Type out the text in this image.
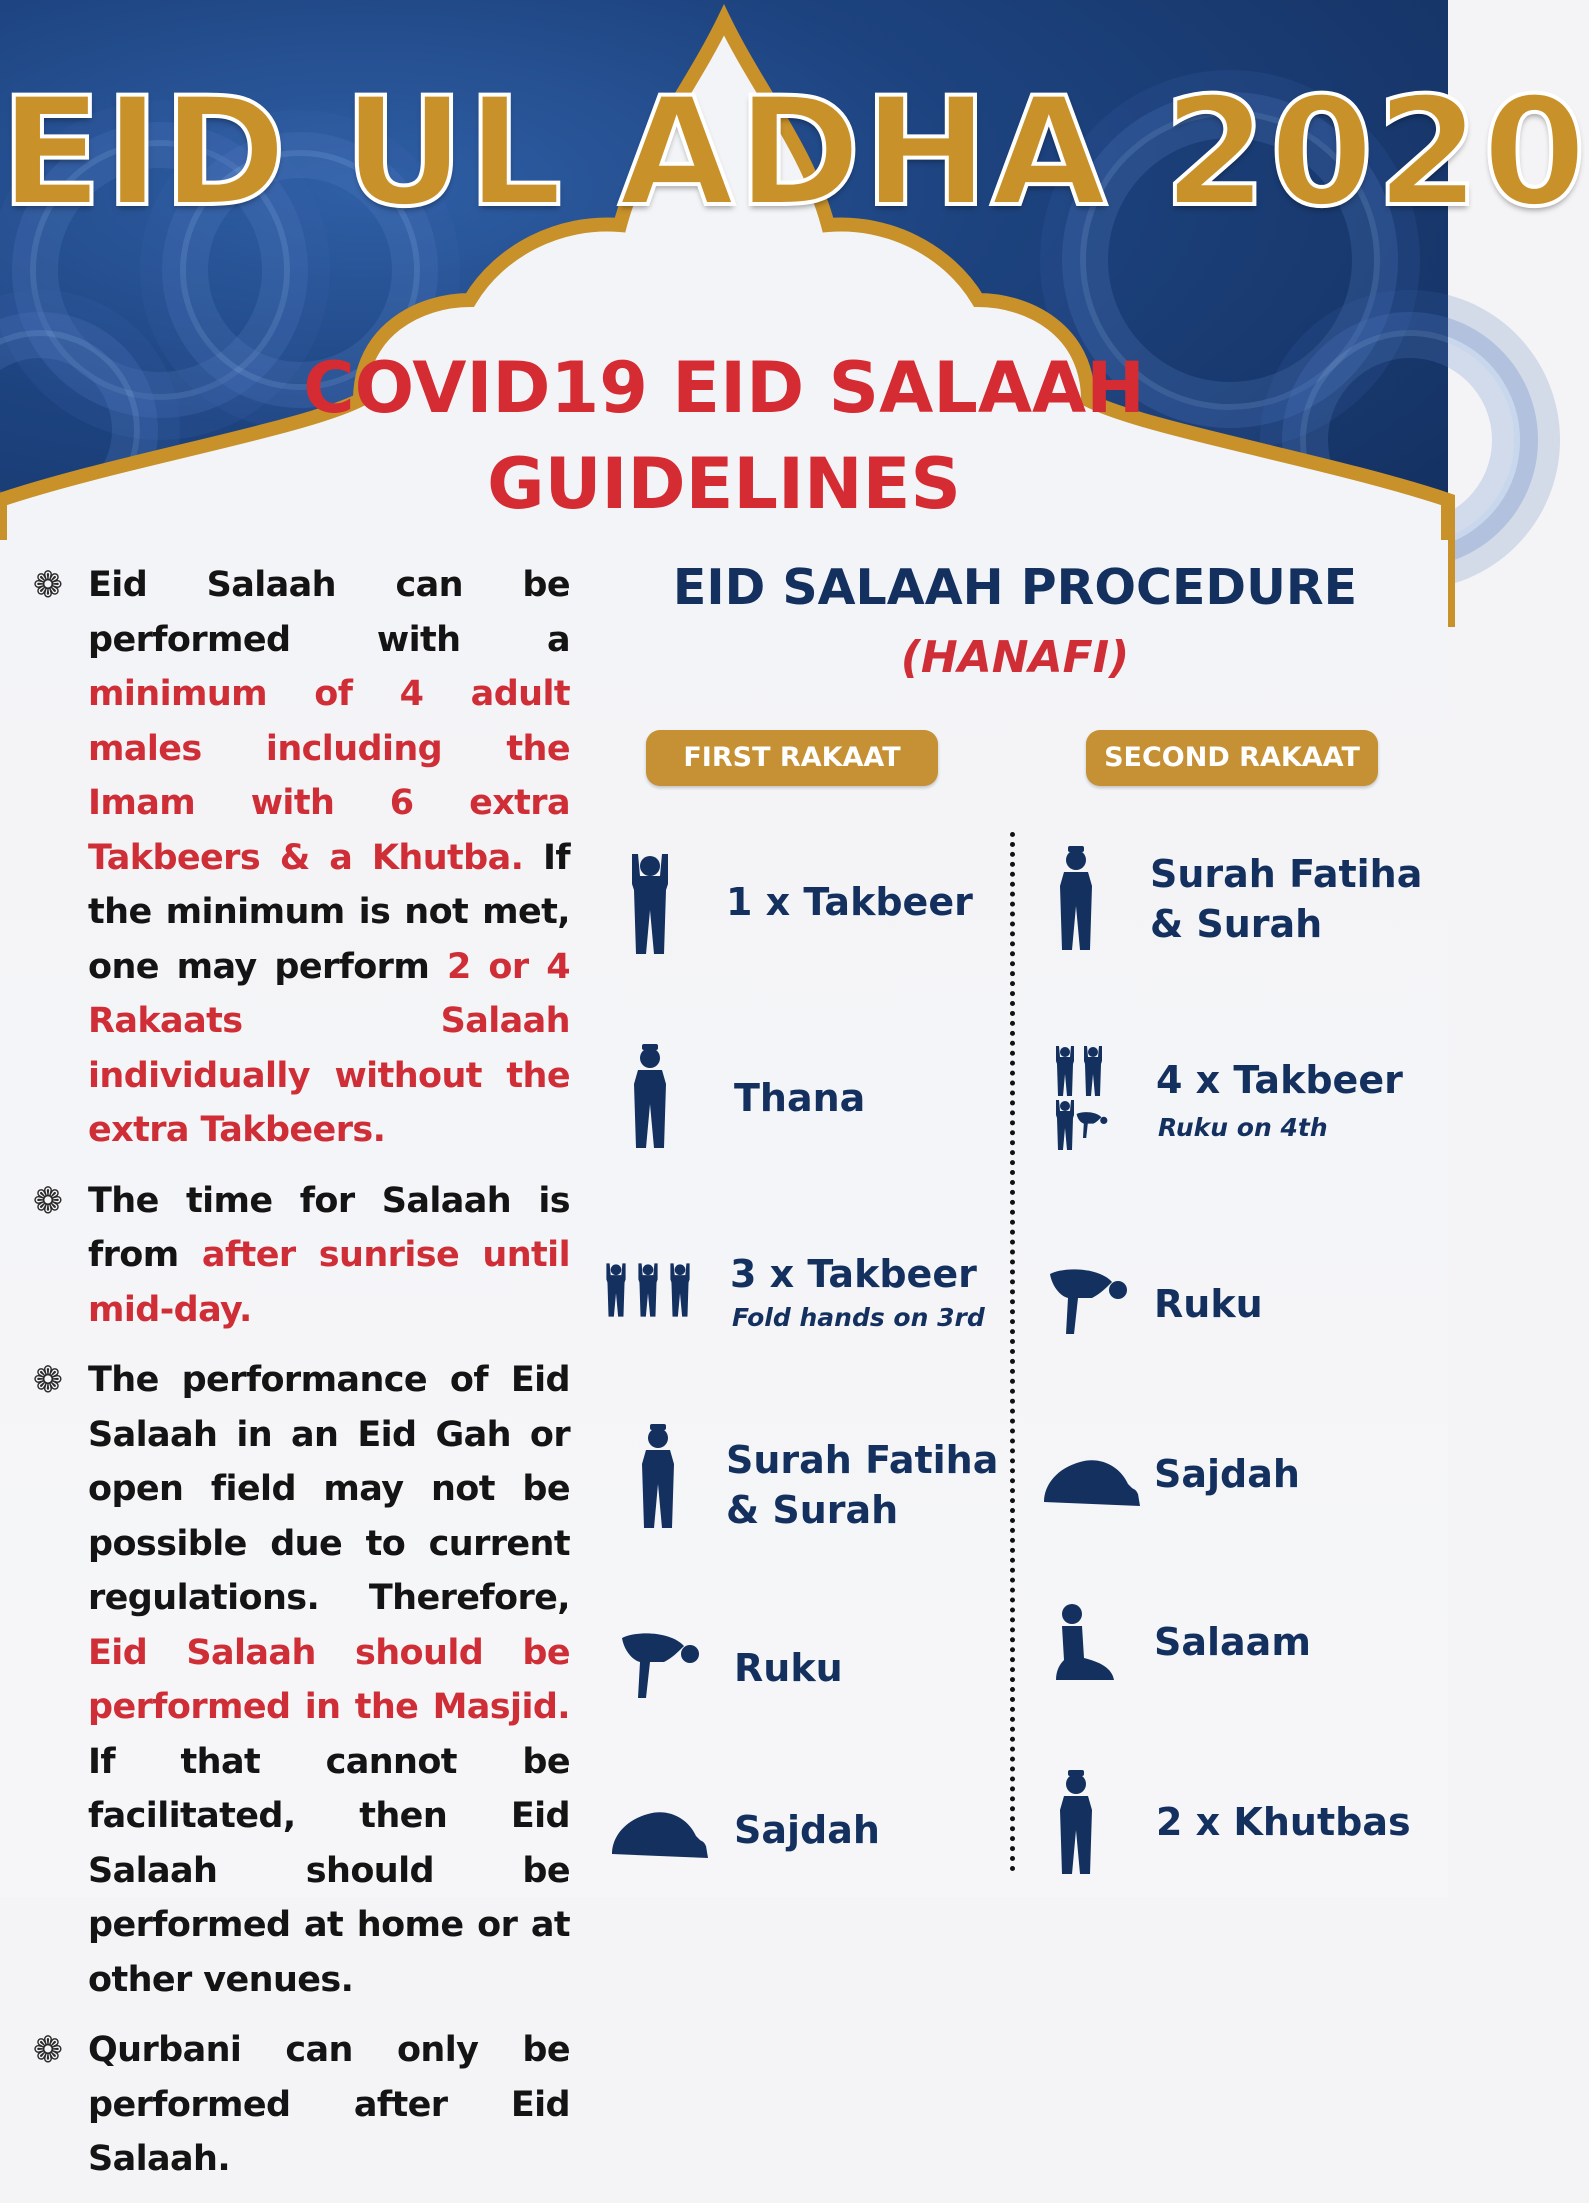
EID UL ADHA 2020
COVID19 EID SALAAH
GUIDELINES
❁ Eid Salaah can be performed with a minimum of 4 adult males including the Imam with 6 extra Takbeers & a Khutba. If the minimum is not met, one may perform 2 or 4 Rakaats Salaah individually without the extra Takbeers.

❁ The time for Salaah is from after sunrise until mid-day.

❁ The performance of Eid Salaah in an Eid Gah or open field may not be possible due to current regulations. Therefore, Eid Salaah should be performed in the Masjid. If that cannot be facilitated, then Eid Salaah should be performed at home or at other venues.

❁ Qurbani can only be performed after Eid Salaah.

EID SALAAH PROCEDURE
(HANAFI)
FIRST RAKAAT	SECOND RAKAAT
1 x Takbeer
Thana
3 x Takbeer
Fold hands on 3rd
Surah Fatiha
& Surah
Ruku
Sajdah
Surah Fatiha
& Surah
4 x Takbeer
Ruku on 4th
Ruku
Sajdah
Salaam
2 x Khutbas
